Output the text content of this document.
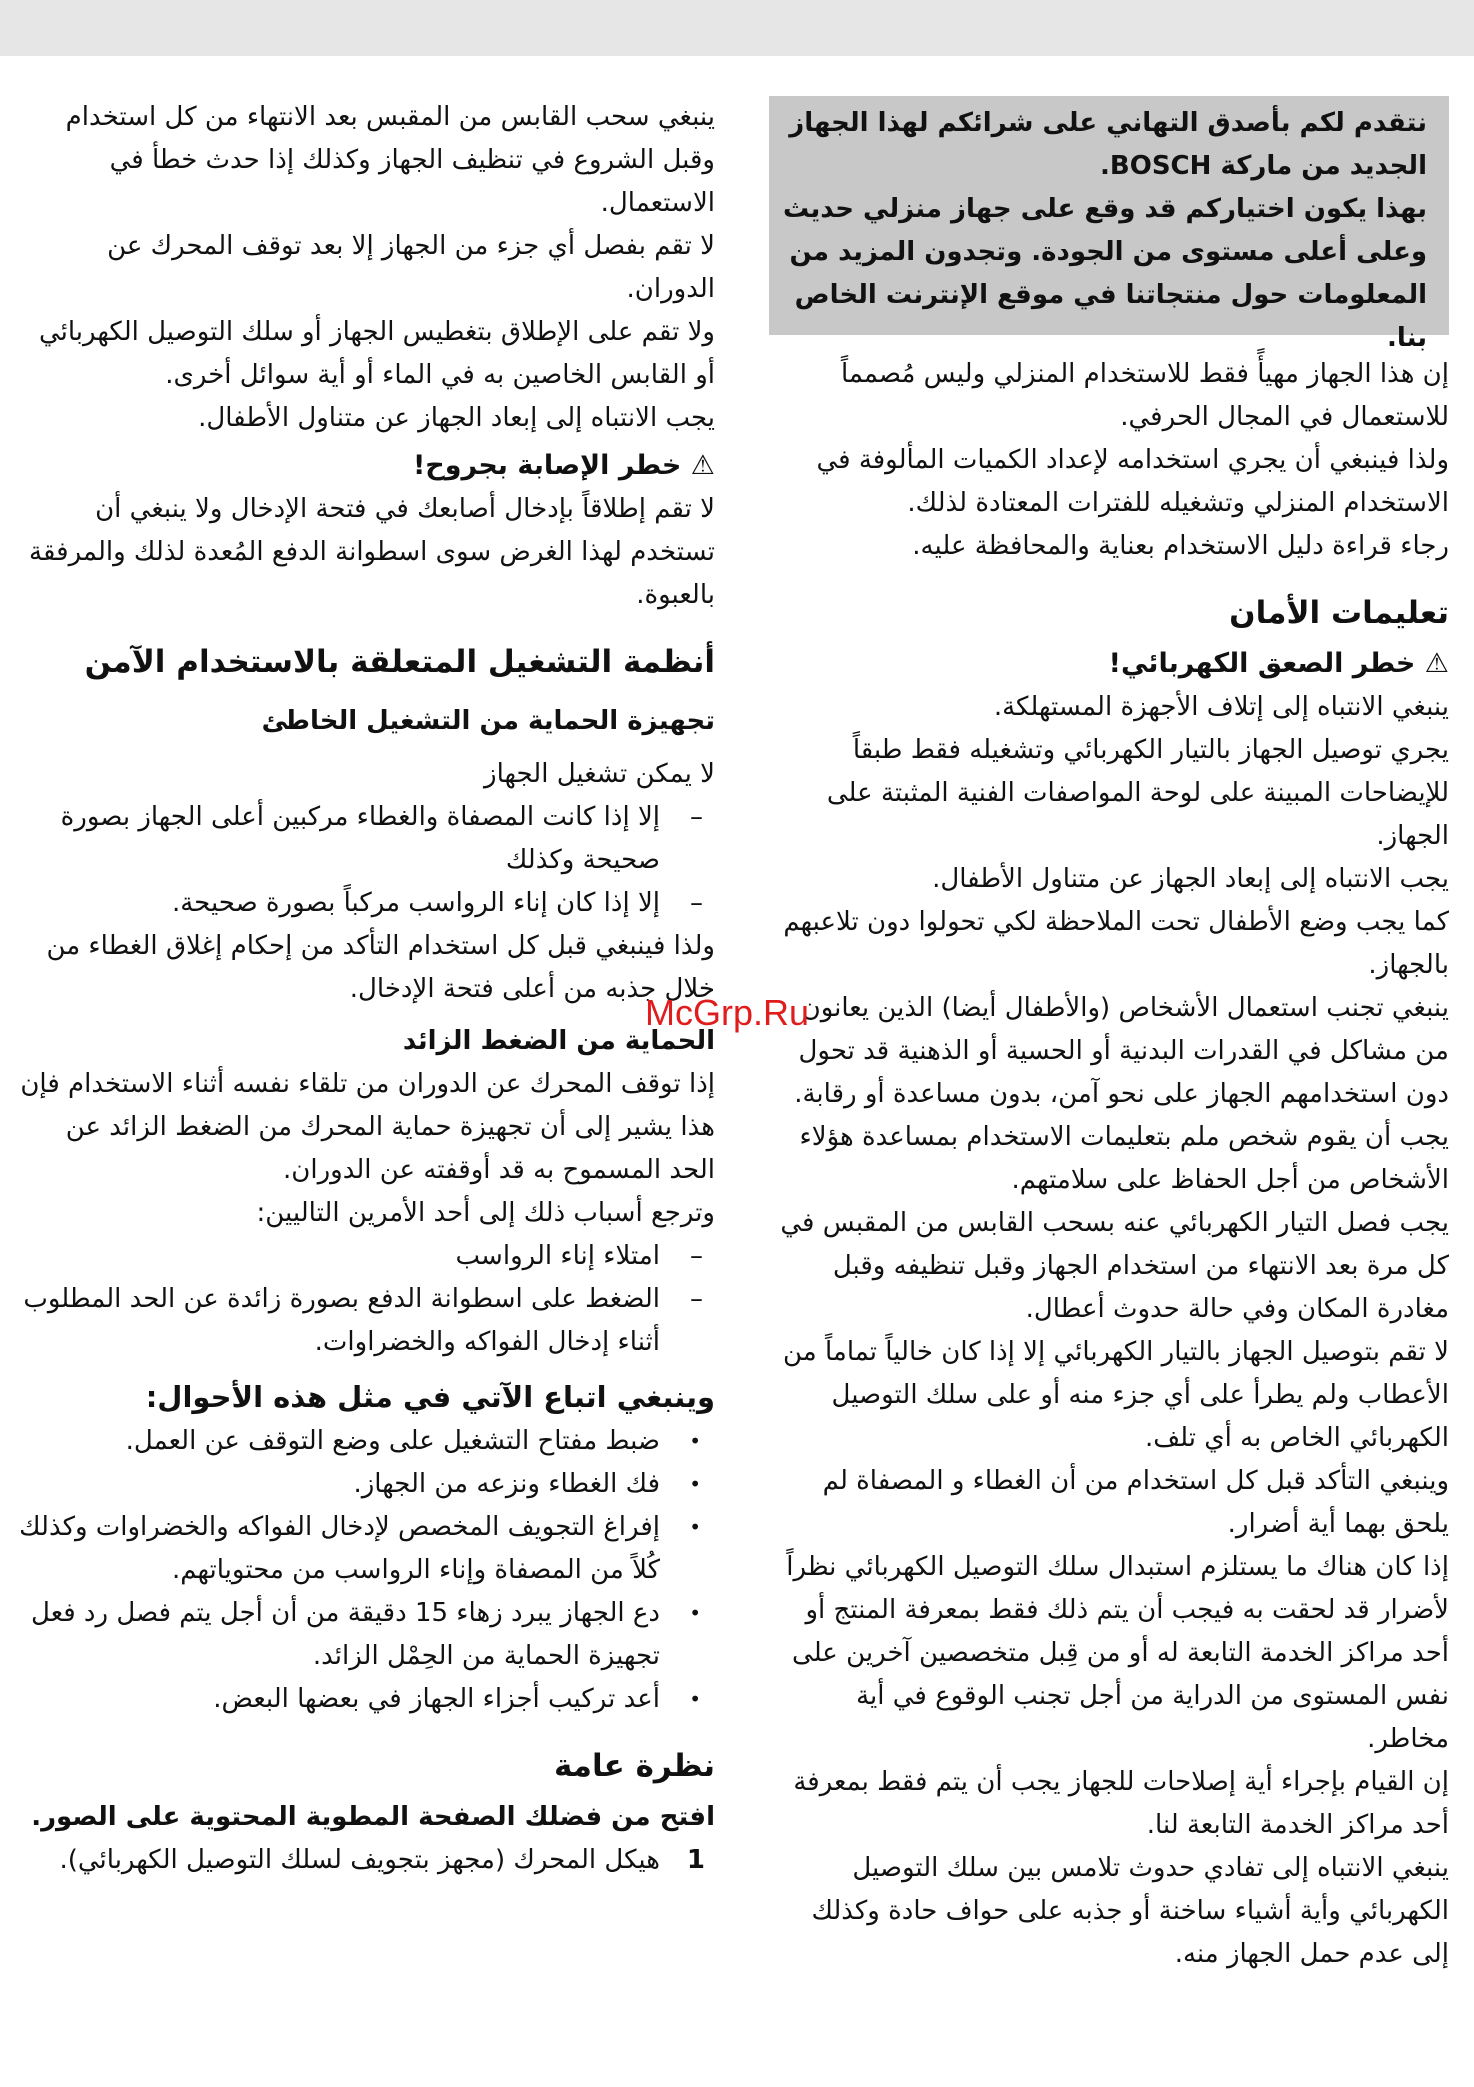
نتقدم لكم بأصدق التهاني على شرائكم لهذا الجهاز الجديد من ماركة BOSCH.

بهذا يكون اختياركم قد وقع على جهاز منزلي حديث وعلى أعلى مستوى من الجودة. وتجدون المزيد من المعلومات حول منتجاتنا في موقع الإنترنت الخاص بنا.

إن هذا الجهاز مهيأً فقط للاستخدام المنزلي وليس مُصمماً للاستعمال في المجال الحرفي.

ولذا فينبغي أن يجري استخدامه لإعداد الكميات المألوفة في الاستخدام المنزلي وتشغيله للفترات المعتادة لذلك.

رجاء قراءة دليل الاستخدام بعناية والمحافظة عليه.

تعليمات الأمان
⚠ خطر الصعق الكهربائي!

ينبغي الانتباه إلى إتلاف الأجهزة المستهلكة.

يجري توصيل الجهاز بالتيار الكهربائي وتشغيله فقط طبقاً للإيضاحات المبينة على لوحة المواصفات الفنية المثبتة على الجهاز.

يجب الانتباه إلى إبعاد الجهاز عن متناول الأطفال.

كما يجب وضع الأطفال تحت الملاحظة لكي تحولوا دون تلاعبهم بالجهاز.

ينبغي تجنب استعمال الأشخاص (والأطفال أيضا) الذين يعانون من مشاكل في القدرات البدنية أو الحسية أو الذهنية قد تحول دون استخدامهم الجهاز على نحو آمن، بدون مساعدة أو رقابة. يجب أن يقوم شخص ملم بتعليمات الاستخدام بمساعدة هؤلاء الأشخاص من أجل الحفاظ على سلامتهم.

يجب فصل التيار الكهربائي عنه بسحب القابس من المقبس في كل مرة بعد الانتهاء من استخدام الجهاز وقبل تنظيفه وقبل مغادرة المكان وفي حالة حدوث أعطال.

لا تقم بتوصيل الجهاز بالتيار الكهربائي إلا إذا كان خالياً تماماً من الأعطاب ولم يطرأ على أي جزء منه أو على سلك التوصيل الكهربائي الخاص به أي تلف.

وينبغي التأكد قبل كل استخدام من أن الغطاء و المصفاة لم يلحق بهما أية أضرار.

إذا كان هناك ما يستلزم استبدال سلك التوصيل الكهربائي نظراً لأضرار قد لحقت به فيجب أن يتم ذلك فقط بمعرفة المنتج أو أحد مراكز الخدمة التابعة له أو من قِبل متخصصين آخرين على نفس المستوى من الدراية من أجل تجنب الوقوع في أية مخاطر.

إن القيام بإجراء أية إصلاحات للجهاز يجب أن يتم فقط بمعرفة أحد مراكز الخدمة التابعة لنا.

ينبغي الانتباه إلى تفادي حدوث تلامس بين سلك التوصيل الكهربائي وأية أشياء ساخنة أو جذبه على حواف حادة وكذلك إلى عدم حمل الجهاز منه.

ينبغي سحب القابس من المقبس بعد الانتهاء من كل استخدام وقبل الشروع في تنظيف الجهاز وكذلك إذا حدث خطأ في الاستعمال.

لا تقم بفصل أي جزء من الجهاز إلا بعد توقف المحرك عن الدوران.

ولا تقم على الإطلاق بتغطيس الجهاز أو سلك التوصيل الكهربائي أو القابس الخاصين به في الماء أو أية سوائل أخرى.

يجب الانتباه إلى إبعاد الجهاز عن متناول الأطفال.

⚠ خطر الإصابة بجروح!

لا تقم إطلاقاً بإدخال أصابعك في فتحة الإدخال ولا ينبغي أن تستخدم لهذا الغرض سوى اسطوانة الدفع المُعدة لذلك والمرفقة بالعبوة.

أنظمة التشغيل المتعلقة بالاستخدام الآمن
تجهيزة الحماية من التشغيل الخاطئ

لا يمكن تشغيل الجهاز

–
إلا إذا كانت المصفاة والغطاء مركبين أعلى الجهاز بصورة صحيحة وكذلك
–
إلا إذا كان إناء الرواسب مركباً بصورة صحيحة.

ولذا فينبغي قبل كل استخدام التأكد من إحكام إغلاق الغطاء من خلال جذبه من أعلى فتحة الإدخال.

الحماية من الضغط الزائد

إذا توقف المحرك عن الدوران من تلقاء نفسه أثناء الاستخدام فإن هذا يشير إلى أن تجهيزة حماية المحرك من الضغط الزائد عن الحد المسموح به قد أوقفته عن الدوران.

وترجع أسباب ذلك إلى أحد الأمرين التاليين:

–
امتلاء إناء الرواسب
–
الضغط على اسطوانة الدفع بصورة زائدة عن الحد المطلوب أثناء إدخال الفواكه والخضراوات.
وينبغي اتباع الآتي في مثل هذه الأحوال:
•
ضبط مفتاح التشغيل على وضع التوقف عن العمل.
•
فك الغطاء ونزعه من الجهاز.
•
إفراغ التجويف المخصص لإدخال الفواكه والخضراوات وكذلك كُلاً من المصفاة وإناء الرواسب من محتوياتهم.
•
دع الجهاز يبرد زهاء 15 دقيقة من أن أجل يتم فصل رد فعل تجهيزة الحماية من الحِمْل الزائد.
•
أعد تركيب أجزاء الجهاز في بعضها البعض.
نظرة عامة
افتح من فضلك الصفحة المطوية المحتوية على الصور.
1
هيكل المحرك (مجهز بتجويف لسلك التوصيل الكهربائي).
McGrp.Ru
